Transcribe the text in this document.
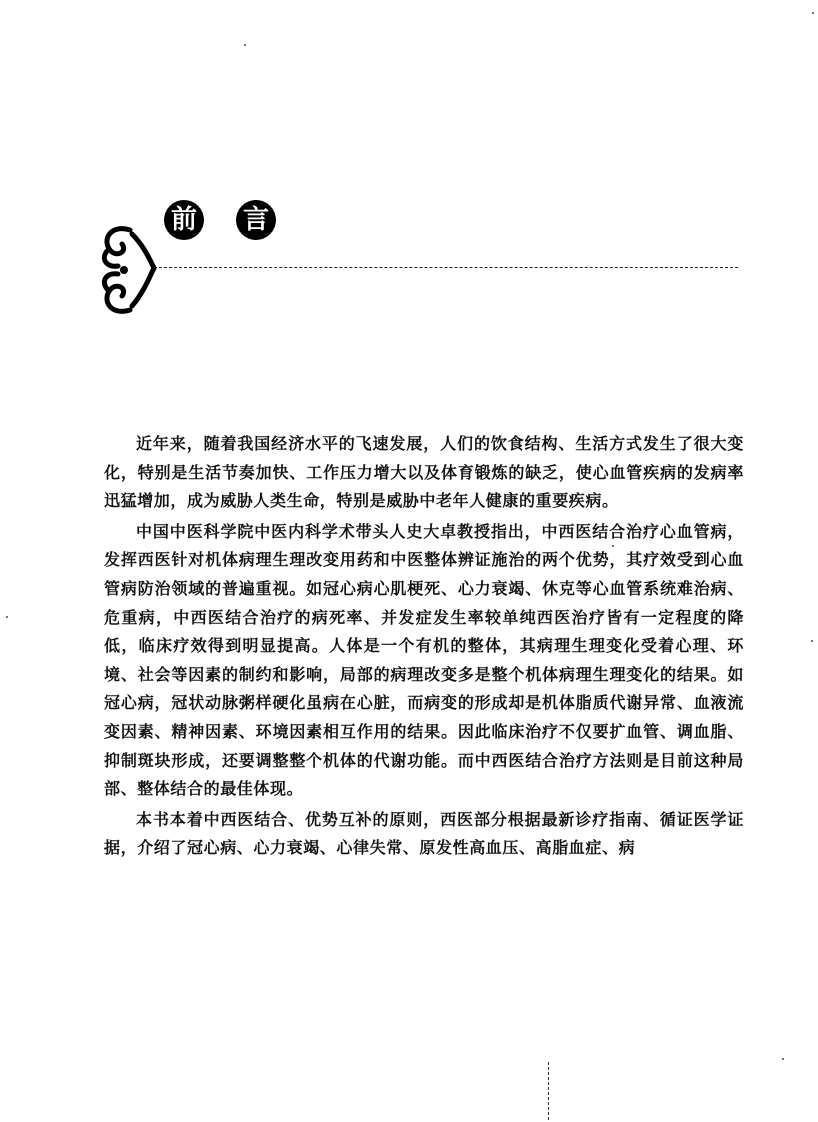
前 言

近年来，随着我国经济水平的飞速发展，人们的饮食结构、生活方式发生了很大变化，特别是生活节奏加快、工作压力增大以及体育锻炼的缺乏，使心血管疾病的发病率迅猛增加，成为威胁人类生命，特别是威胁中老年人健康的重要疾病。

中国中医科学院中医内科学术带头人史大卓教授指出，中西医结合治疗心血管病，发挥西医针对机体病理生理改变用药和中医整体辨证施治的两个优势，其疗效受到心血管病防治领域的普遍重视。如冠心病心肌梗死、心力衰竭、休克等心血管系统难治病、危重病，中西医结合治疗的病死率、并发症发生率较单纯西医治疗皆有一定程度的降低，临床疗效得到明显提高。人体是一个有机的整体，其病理生理变化受着心理、环境、社会等因素的制约和影响，局部的病理改变多是整个机体病理生理变化的结果。如冠心病，冠状动脉粥样硬化虽病在心脏，而病变的形成却是机体脂质代谢异常、血液流变因素、精神因素、环境因素相互作用的结果。因此临床治疗不仅要扩血管、调血脂、抑制斑块形成，还要调整整个机体的代谢功能。而中西医结合治疗方法则是目前这种局部、整体结合的最佳体现。

本书本着中西医结合、优势互补的原则，西医部分根据最新诊疗指南、循证医学证据，介绍了冠心病、心力衰竭、心律失常、原发性高血压、高脂血症、病
